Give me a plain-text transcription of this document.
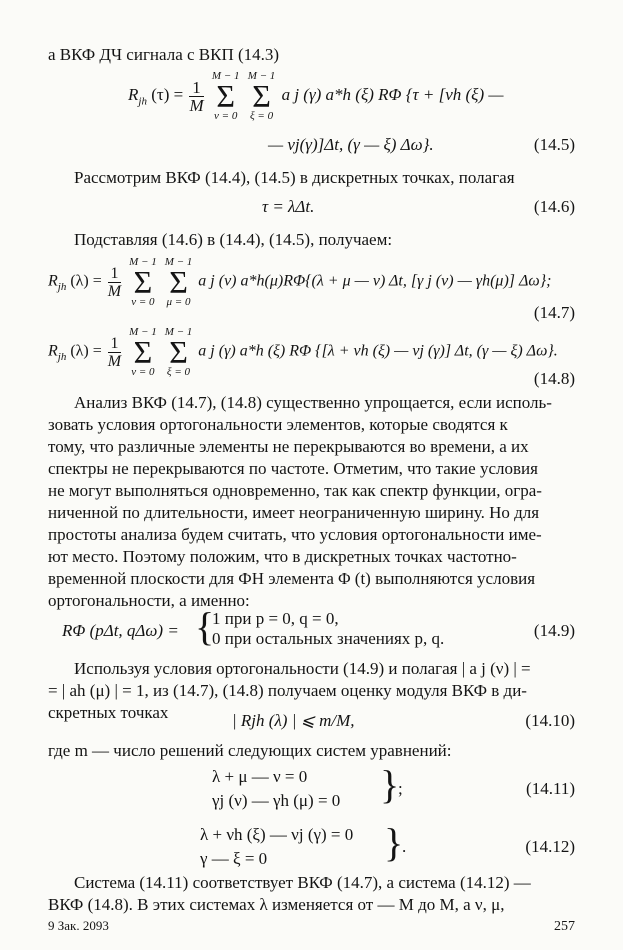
а ВКФ ДЧ сигнала с ВКП (14.3)
$R_{jh}$ $(\tau) = \frac{1}{M}$

M − 1
Σ
ν = 0

M − 1
Σ
ξ = 0
a j (γ) a*h (ξ) RΦ {τ + [νh (ξ) —
— νj(γ)]Δt, (γ — ξ) Δω}.	(14.5)
Рассмотрим ВКФ (14.4), (14.5) в дискретных точках, полагая
τ = λΔt.	(14.6)
Подставляя (14.6) в (14.4), (14.5), получаем:
$R_{jh}$ $(\lambda) = \frac{1}{M}$

M − 1
Σ
ν = 0

M − 1
Σ
μ = 0
a j (ν) a*h(μ)RΦ{(λ + μ — ν) Δt, [γ j (ν) — γh(μ)] Δω};
(14.7)
$R_{jh}$ $(\lambda) = \frac{1}{M}$

M − 1
Σ
ν = 0

M − 1
Σ
ξ = 0
a j (γ) a*h (ξ) RΦ {[λ + νh (ξ) — νj (γ)] Δt, (γ — ξ) Δω}.
(14.8)
Анализ ВКФ (14.7), (14.8) существенно упрощается, если исполь-
зовать условия ортогональности элементов, которые сводятся к
тому, что различные элементы не перекрываются во времени, а их
спектры не перекрываются по частоте. Отметим, что такие условия
не могут выполняться одновременно, так как спектр функции, огра-
ниченной по длительности, имеет неограниченную ширину. Но для
простоты анализа будем считать, что условия ортогональности име-
ют место. Поэтому положим, что в дискретных точках частотно-
временной плоскости для ФН элемента Φ (t) выполняются условия
ортогональности, а именно:
RΦ (pΔt, qΔω) = {
1 при p = 0, q = 0,
0 при остальных значениях p, q.	(14.9)
Используя условия ортогональности (14.9) и полагая | a j (ν) | =
= | ah (μ) | = 1, из (14.7), (14.8) получаем оценку модуля ВКФ в ди-
скретных точках	| Rjh (λ) | ⩽ m/M,	(14.10)
где m — число решений следующих систем уравнений:
λ + μ — ν = 0
γj (ν) — γh (μ) = 0 }
;	(14.11)
λ + νh (ξ) — νj (γ) = 0
γ — ξ = 0	}
.	(14.12)
Система (14.11) соответствует ВКФ (14.7), а система (14.12) —
ВКФ (14.8). В этих системах λ изменяется от — M до M, а ν, μ,
9 Зак. 2093	257
